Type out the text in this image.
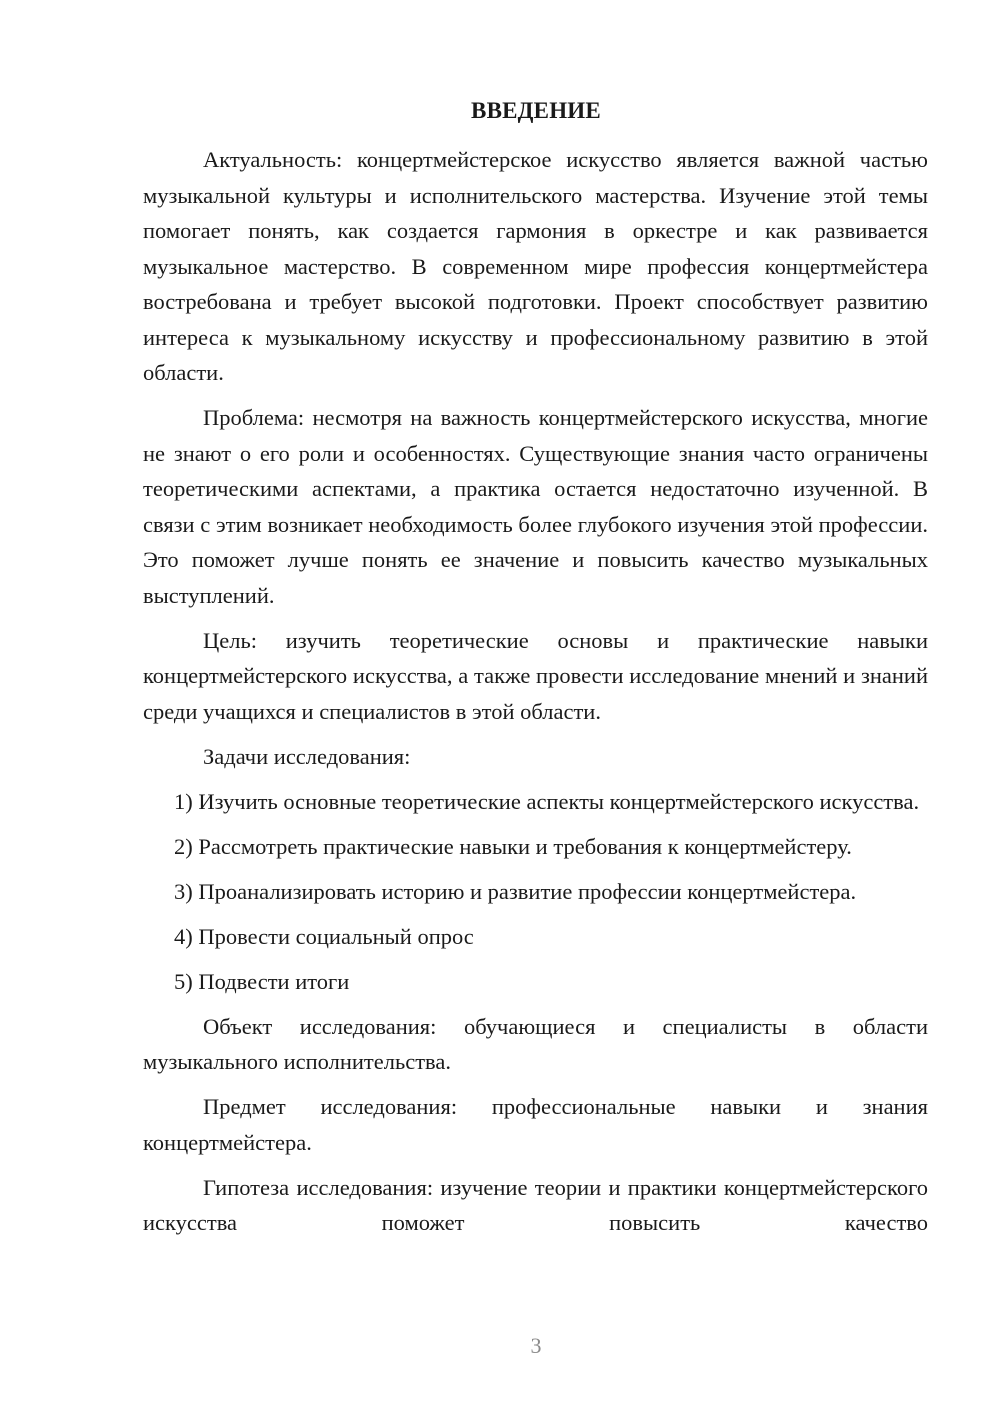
ВВЕДЕНИЕ

Актуальность: концертмейстерское искусство является важной частью музыкальной культуры и исполнительского мастерства. Изучение этой темы помогает понять, как создается гармония в оркестре и как развивается музыкальное мастерство. В современном мире профессия концертмейстера востребована и требует высокой подготовки. Проект способствует развитию интереса к музыкальному искусству и профессиональному развитию в этой области.

Проблема: несмотря на важность концертмейстерского искусства, многие не знают о его роли и особенностях. Существующие знания часто ограничены теоретическими аспектами, а практика остается недостаточно изученной. В связи с этим возникает необходимость более глубокого изучения этой профессии. Это поможет лучше понять ее значение и повысить качество музыкальных выступлений.

Цель: изучить теоретические основы и практические навыки концертмейстерского искусства, а также провести исследование мнений и знаний среди учащихся и специалистов в этой области.

Задачи исследования:

1) Изучить основные теоретические аспекты концертмейстерского искусства.

2) Рассмотреть практические навыки и требования к концертмейстеру.

3) Проанализировать историю и развитие профессии концертмейстера.

4) Провести социальный опрос

5) Подвести итоги

Объект исследования: обучающиеся и специалисты в области музыкального исполнительства.

Предмет исследования: профессиональные навыки и знания концертмейстера.

Гипотеза исследования: изучение теории и практики концертмейстерского искусства поможет повысить качество

3
